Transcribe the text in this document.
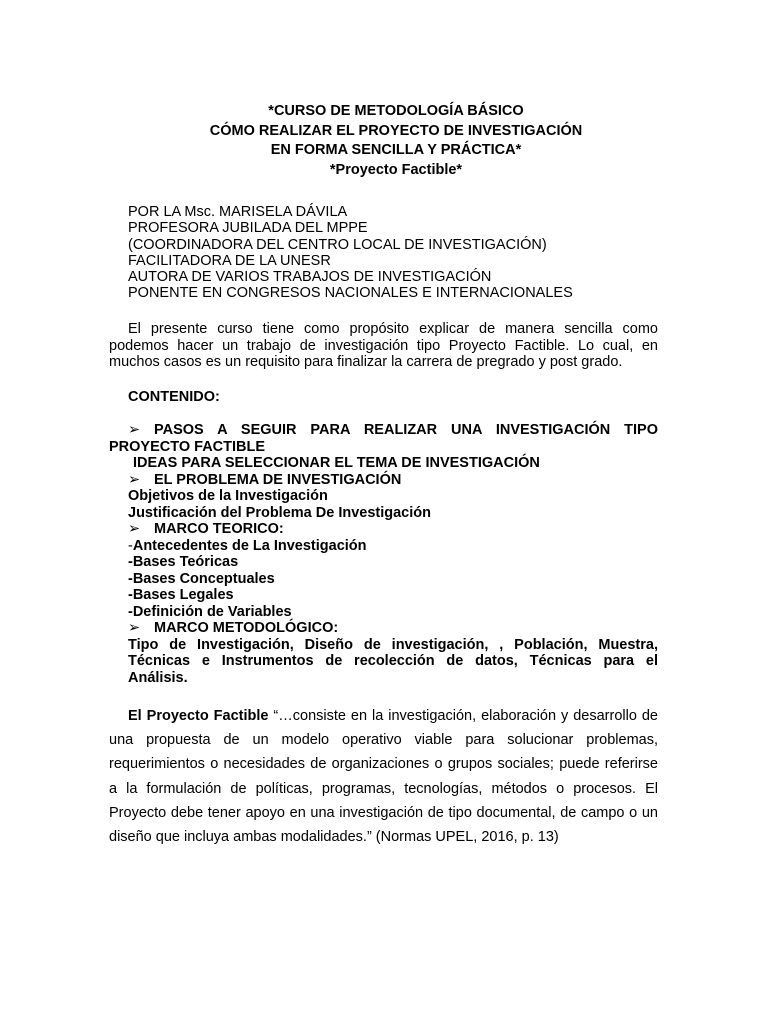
*CURSO DE METODOLOGÍA BÁSICO
CÓMO REALIZAR EL PROYECTO DE INVESTIGACIÓN
EN FORMA SENCILLA Y PRÁCTICA*
*Proyecto Factible*
POR LA Msc. MARISELA DÁVILA
PROFESORA JUBILADA DEL MPPE
(COORDINADORA DEL CENTRO LOCAL DE INVESTIGACIÓN)
FACILITADORA DE LA UNESR
AUTORA DE VARIOS TRABAJOS DE INVESTIGACIÓN
PONENTE EN CONGRESOS NACIONALES E INTERNACIONALES

El presente curso tiene como propósito explicar de manera sencilla como podemos hacer un trabajo de investigación tipo Proyecto Factible. Lo cual, en muchos casos es un requisito para finalizar la carrera de pregrado y post grado.

CONTENIDO:
➢ PASOS A SEGUIR PARA REALIZAR UNA INVESTIGACIÓN TIPO
PROYECTO FACTIBLE
IDEAS PARA SELECCIONAR EL TEMA DE INVESTIGACIÓN
➢ EL PROBLEMA DE INVESTIGACIÓN
Objetivos de la Investigación
Justificación del Problema De Investigación
➢ MARCO TEORICO:
-Antecedentes de La Investigación
-Bases Teóricas
-Bases Conceptuales
-Bases Legales
-Definición de Variables
➢ MARCO METODOLÓGICO:
Tipo de Investigación, Diseño de investigación, , Población, Muestra,
Técnicas e Instrumentos de recolección de datos, Técnicas para el
Análisis.

El Proyecto Factible “…consiste en la investigación, elaboración y desarrollo de una propuesta de un modelo operativo viable para solucionar problemas, requerimientos o necesidades de organizaciones o grupos sociales; puede referirse a la formulación de políticas, programas, tecnologías, métodos o procesos. El Proyecto debe tener apoyo en una investigación de tipo documental, de campo o un diseño que incluya ambas modalidades.” (Normas UPEL, 2016, p. 13)
